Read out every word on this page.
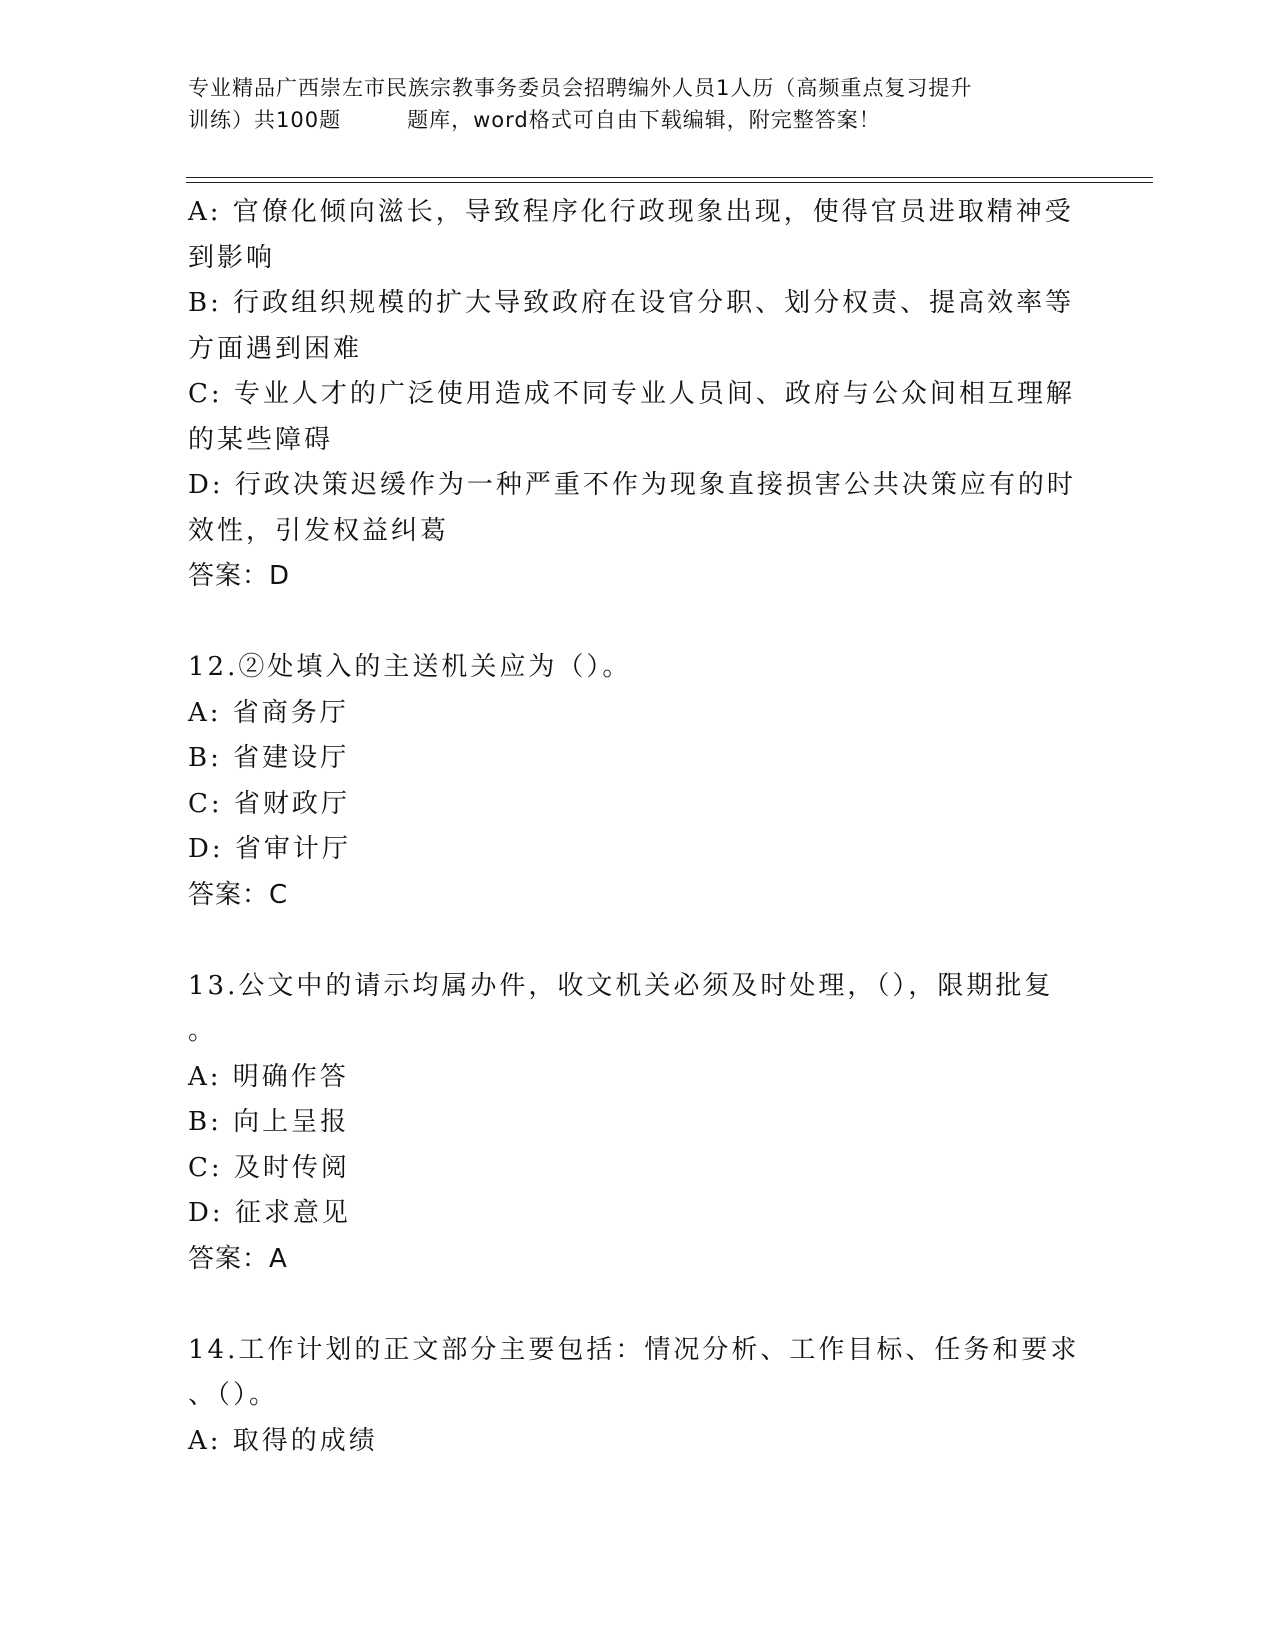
专业精品广西崇左市民族宗教事务委员会招聘编外人员1人历（高频重点复习提升
训练）共100题　　　题库，word格式可自由下载编辑，附完整答案！
A: 官僚化倾向滋长，导致程序化行政现象出现，使得官员进取精神受
到影响
B: 行政组织规模的扩大导致政府在设官分职、划分权责、提高效率等
方面遇到困难
C: 专业人才的广泛使用造成不同专业人员间、政府与公众间相互理解
的某些障碍
D: 行政决策迟缓作为一种严重不作为现象直接损害公共决策应有的时
效性，引发权益纠葛
答案：D
12.②处填入的主送机关应为（）。
A: 省商务厅
B: 省建设厅
C: 省财政厅
D: 省审计厅
答案：C
13.公文中的请示均属办件，收文机关必须及时处理，（），限期批复
。
A: 明确作答
B: 向上呈报
C: 及时传阅
D: 征求意见
答案：A
14.工作计划的正文部分主要包括：情况分析、工作目标、任务和要求
、（）。
A: 取得的成绩
